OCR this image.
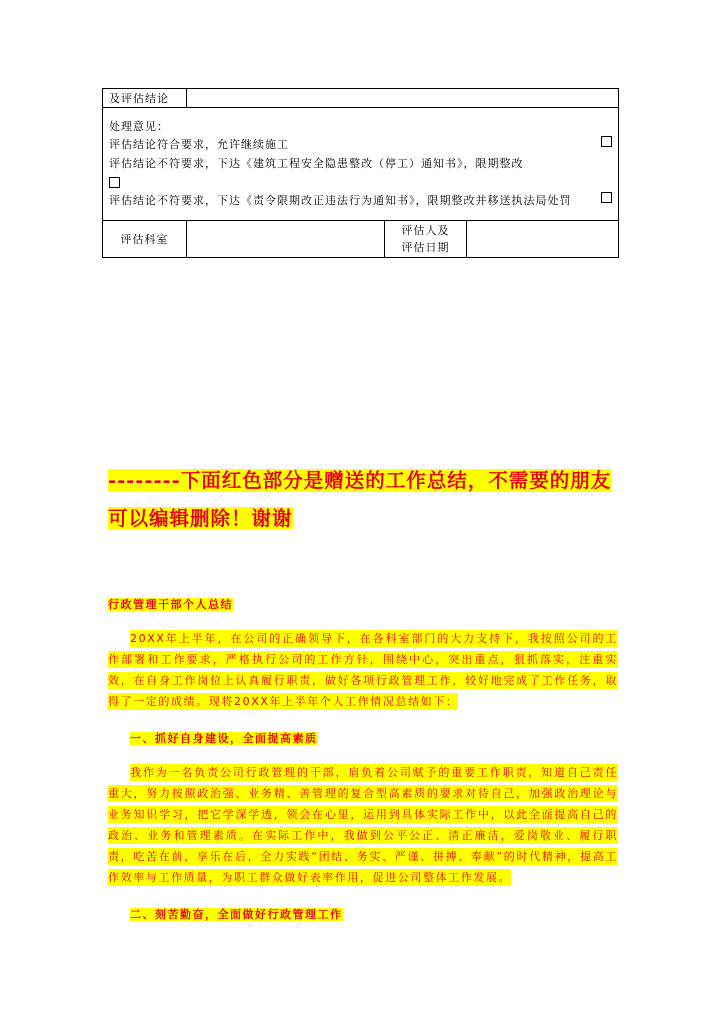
及评估结论			

处理意见：
评估结论符合要求，允许继续施工
评估结论不符要求，下达《建筑工程安全隐患整改（停工）通知书》，限期整改
评估结论不符要求，下达《责令限期改正违法行为通知书》，限期整改并移送执法局处罚			

评估科室		评估人及
评估日期	

--------下面红色部分是赠送的工作总结，不需要的朋友可以编辑删除！谢谢

行政管理干部个人总结

20XX年上半年，在公司的正确领导下，在各科室部门的大力支持下，我按照公司的工作部署和工作要求，严格执行公司的工作方针，围绕中心，突出重点，狠抓落实，注重实效，在自身工作岗位上认真履行职责，做好各项行政管理工作，较好地完成了工作任务，取得了一定的成绩。现将20XX年上半年个人工作情况总结如下：

一、抓好自身建设，全面提高素质

我作为一名负责公司行政管理的干部，肩负着公司赋予的重要工作职责，知道自己责任重大，努力按照政治强、业务精、善管理的复合型高素质的要求对待自己，加强政治理论与业务知识学习，把它学深学透，领会在心里，运用到具体实际工作中，以此全面提高自己的政治、业务和管理素质。在实际工作中，我做到公平公正、清正廉洁，爱岗敬业、履行职责，吃苦在前，享乐在后，全力实践“团结、务实、严谨、拼搏、奉献”的时代精神，提高工作效率与工作质量，为职工群众做好表率作用，促进公司整体工作发展。

二、刻苦勤奋，全面做好行政管理工作
